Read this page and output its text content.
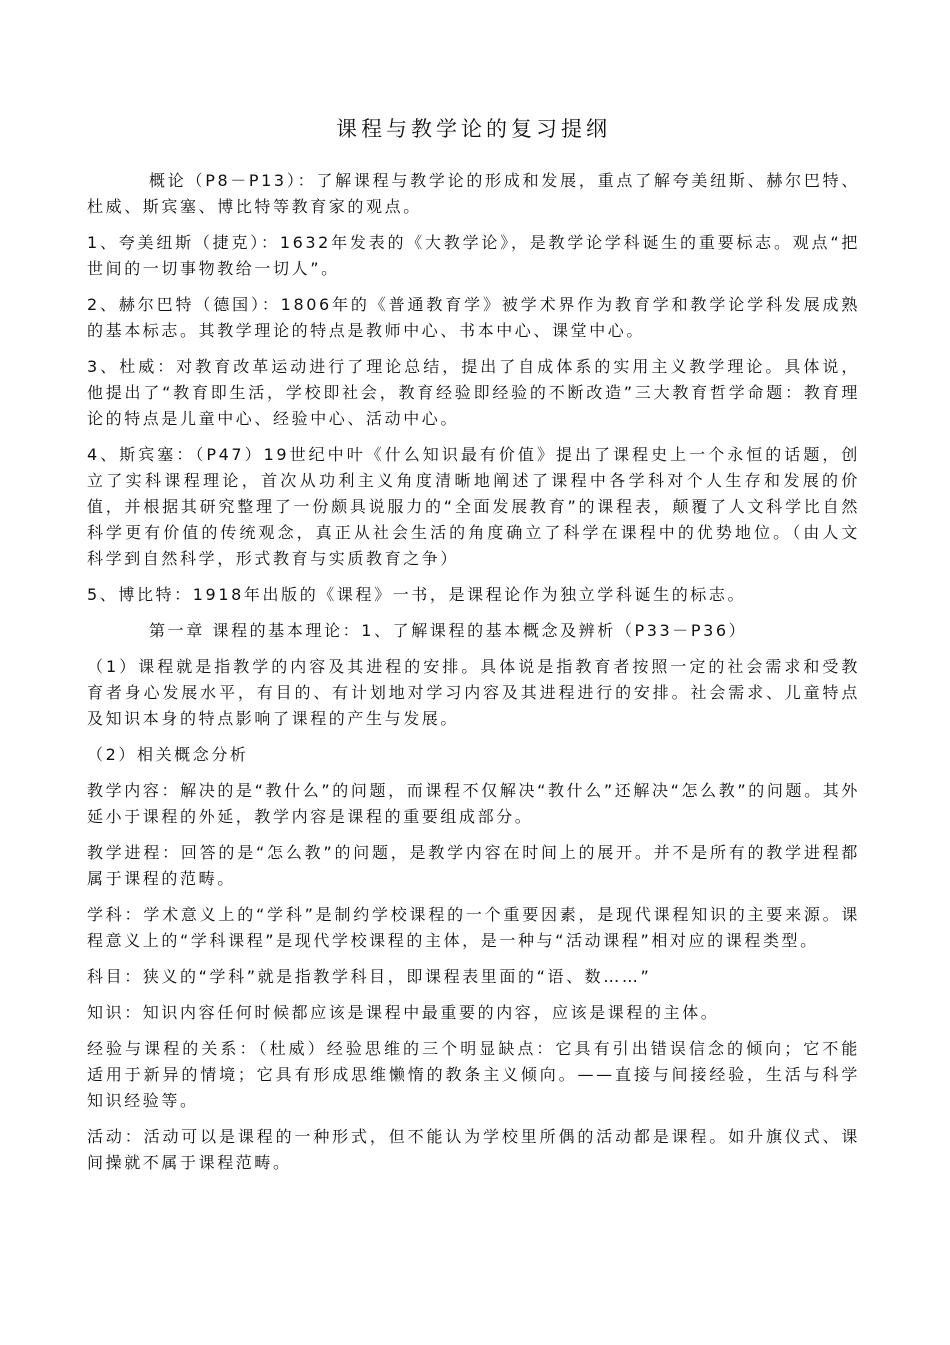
课程与教学论的复习提纲

概论（P8－P13）：了解课程与教学论的形成和发展，重点了解夸美纽斯、赫尔巴特、杜威、斯宾塞、博比特等教育家的观点。

1、夸美纽斯（捷克）：1632年发表的《大教学论》，是教学论学科诞生的重要标志。观点“把世间的一切事物教给一切人”。

2、赫尔巴特（德国）：1806年的《普通教育学》被学术界作为教育学和教学论学科发展成熟的基本标志。其教学理论的特点是教师中心、书本中心、课堂中心。

3、杜威：对教育改革运动进行了理论总结，提出了自成体系的实用主义教学理论。具体说，他提出了“教育即生活，学校即社会，教育经验即经验的不断改造”三大教育哲学命题：教育理论的特点是儿童中心、经验中心、活动中心。

4、斯宾塞：（P47）19世纪中叶《什么知识最有价值》提出了课程史上一个永恒的话题，创立了实科课程理论，首次从功利主义角度清晰地阐述了课程中各学科对个人生存和发展的价值，并根据其研究整理了一份颇具说服力的“全面发展教育”的课程表，颠覆了人文科学比自然科学更有价值的传统观念，真正从社会生活的角度确立了科学在课程中的优势地位。（由人文科学到自然科学，形式教育与实质教育之争）

5、博比特：1918年出版的《课程》一书，是课程论作为独立学科诞生的标志。

第一章 课程的基本理论：1、了解课程的基本概念及辨析（P33－P36）

（1）课程就是指教学的内容及其进程的安排。具体说是指教育者按照一定的社会需求和受教育者身心发展水平，有目的、有计划地对学习内容及其进程进行的安排。社会需求、儿童特点及知识本身的特点影响了课程的产生与发展。

（2）相关概念分析

教学内容：解决的是“教什么”的问题，而课程不仅解决“教什么”还解决“怎么教”的问题。其外延小于课程的外延，教学内容是课程的重要组成部分。

教学进程：回答的是“怎么教”的问题，是教学内容在时间上的展开。并不是所有的教学进程都属于课程的范畴。

学科：学术意义上的“学科”是制约学校课程的一个重要因素，是现代课程知识的主要来源。课程意义上的“学科课程”是现代学校课程的主体，是一种与“活动课程”相对应的课程类型。

科目：狭义的“学科”就是指教学科目，即课程表里面的“语、数……”

知识：知识内容任何时候都应该是课程中最重要的内容，应该是课程的主体。

经验与课程的关系：（杜威）经验思维的三个明显缺点：它具有引出错误信念的倾向；它不能适用于新异的情境；它具有形成思维懒惰的教条主义倾向。——直接与间接经验，生活与科学知识经验等。

活动：活动可以是课程的一种形式，但不能认为学校里所偶的活动都是课程。如升旗仪式、课间操就不属于课程范畴。
